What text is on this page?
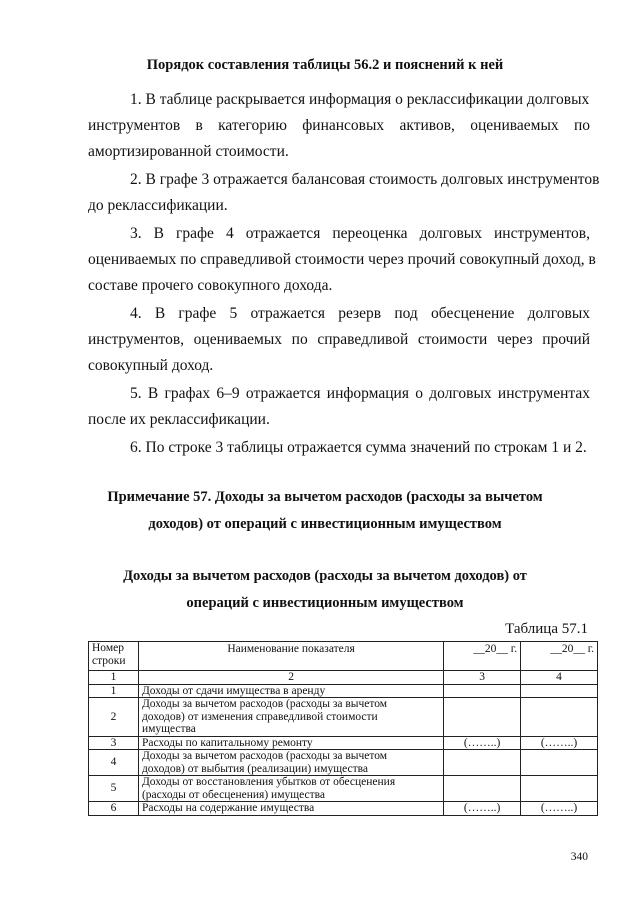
Порядок составления таблицы 56.2 и пояснений к ней
1. В таблице раскрывается информация о реклассификации долговых
инструментов в категорию финансовых активов, оцениваемых по
амортизированной стоимости.
2. В графе 3 отражается балансовая стоимость долговых инструментов
до реклассификации.
3. В графе 4 отражается переоценка долговых инструментов,
оцениваемых по справедливой стоимости через прочий совокупный доход, в
составе прочего совокупного дохода.
4. В графе 5 отражается резерв под обесценение долговых
инструментов, оцениваемых по справедливой стоимости через прочий
совокупный доход.
5. В графах 6–9 отражается информация о долговых инструментах
после их реклассификации.
6. По строке 3 таблицы отражается сумма значений по строкам 1 и 2.
Примечание 57. Доходы за вычетом расходов (расходы за вычетом
доходов) от операций с инвестиционным имуществом
Доходы за вычетом расходов (расходы за вычетом доходов) от
операций с инвестиционным имуществом
Таблица 57.1
Номер
строки	Наименование показателя	__20__ г.	__20__ г.
1	2	3	4
1	Доходы от сдачи имущества в аренду		
2	Доходы за вычетом расходов (расходы за вычетом
доходов) от изменения справедливой стоимости
имущества		

3	Расходы по капитальному ремонту	(……..)	(……..)
4	Доходы за вычетом расходов (расходы за вычетом
доходов) от выбытия (реализации) имущества		

5	Доходы от восстановления убытков от обесценения
(расходы от обесценения) имущества		

6	Расходы на содержание имущества	(……..)	(……..)
340
